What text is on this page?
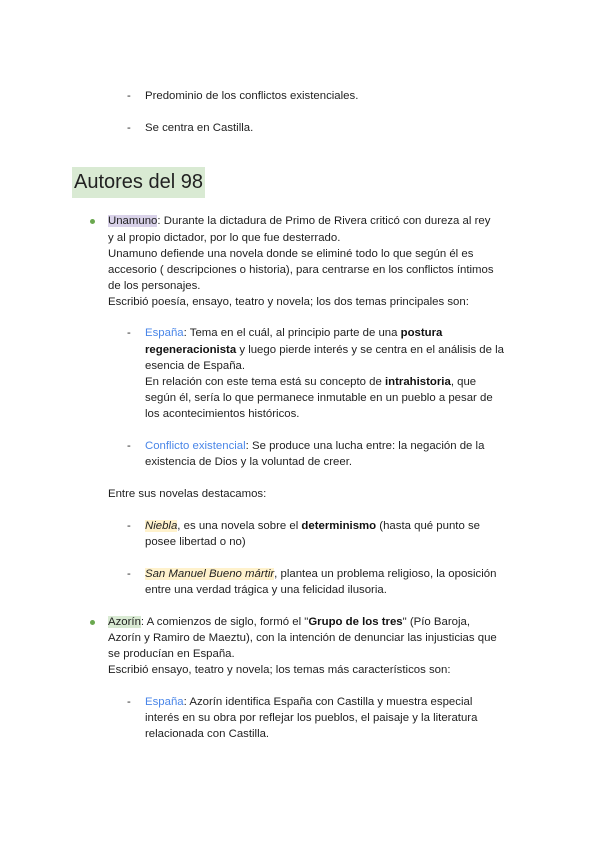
- Predominio de los conflictos existenciales.
- Se centra en Castilla.
Autores del 98
Unamuno: Durante la dictadura de Primo de Rivera criticó con dureza al rey
y al propio dictador, por lo que fue desterrado.
Unamuno defiende una novela donde se eliminé todo lo que según él es
accesorio ( descripciones o historia), para centrarse en los conflictos íntimos
de los personajes.
Escribió poesía, ensayo, teatro y novela; los dos temas principales son:
- España: Tema en el cuál, al principio parte de una postura
regeneracionista y luego pierde interés y se centra en el análisis de la
esencia de España.
En relación con este tema está su concepto de intrahistoria, que
según él, sería lo que permanece inmutable en un pueblo a pesar de
los acontecimientos históricos.
- Conflicto existencial: Se produce una lucha entre: la negación de la
existencia de Dios y la voluntad de creer.
Entre sus novelas destacamos:
- Niebla, es una novela sobre el determinismo (hasta qué punto se
posee libertad o no)
- San Manuel Bueno mártir, plantea un problema religioso, la oposición
entre una verdad trágica y una felicidad ilusoria.
Azorín: A comienzos de siglo, formó el "Grupo de los tres" (Pío Baroja,
Azorín y Ramiro de Maeztu), con la intención de denunciar las injusticias que
se producían en España.
Escribió ensayo, teatro y novela; los temas más característicos son:
- España: Azorín identifica España con Castilla y muestra especial
interés en su obra por reflejar los pueblos, el paisaje y la literatura
relacionada con Castilla.
